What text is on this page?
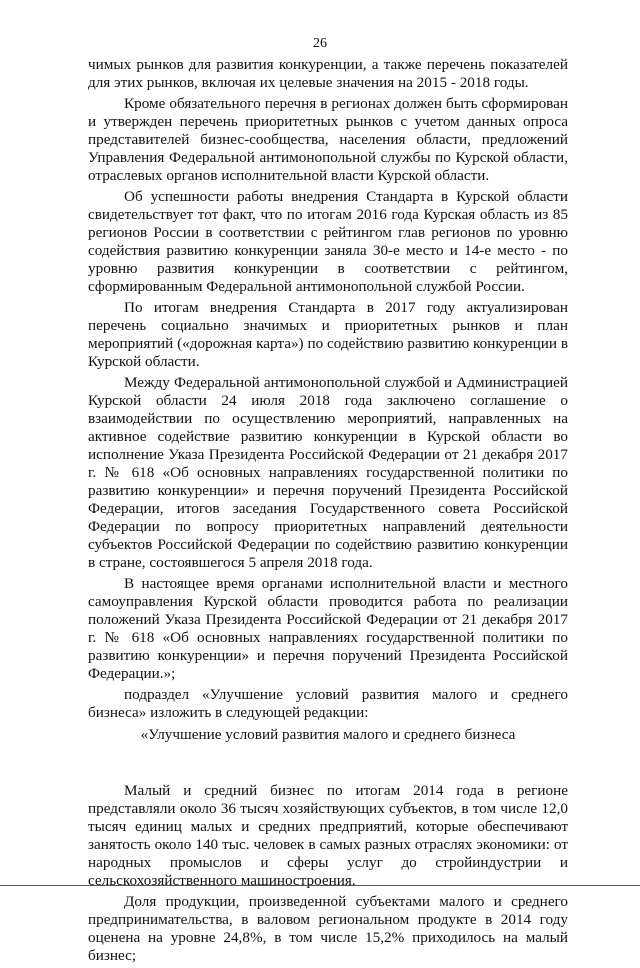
26

чимых рынков для развития конкуренции, а также перечень показателей для этих рынков, включая их целевые значения на 2015 - 2018 годы.

Кроме обязательного перечня в регионах должен быть сформирован и утвержден перечень приоритетных рынков с учетом данных опроса представителей бизнес-сообщества, населения области, предложений Управления Федеральной антимонопольной службы по Курской области, отраслевых органов исполнительной власти Курской области.

Об успешности работы внедрения Стандарта в Курской области свидетельствует тот факт, что по итогам 2016 года Курская область из 85 регионов России в соответствии с рейтингом глав регионов по уровню содействия развитию конкуренции заняла 30-е место и 14-е место - по уровню развития конкуренции в соответствии с рейтингом, сформированным Федеральной антимонопольной службой России.

По итогам внедрения Стандарта в 2017 году актуализирован перечень социально значимых и приоритетных рынков и план мероприятий («дорожная карта») по содействию развитию конкуренции в Курской области.

Между Федеральной антимонопольной службой и Администрацией Курской области 24 июля 2018 года заключено соглашение о взаимодействии по осуществлению мероприятий, направленных на активное содействие развитию конкуренции в Курской области во исполнение Указа Президента Российской Федерации от 21 декабря 2017 г. № 618 «Об основных направлениях государственной политики по развитию конкуренции» и перечня поручений Президента Российской Федерации, итогов заседания Государственного совета Российской Федерации по вопросу приоритетных направлений деятельности субъектов Российской Федерации по содействию развитию конкуренции в стране, состоявшегося 5 апреля 2018 года.

В настоящее время органами исполнительной власти и местного самоуправления Курской области проводится работа по реализации положений Указа Президента Российской Федерации от 21 декабря 2017 г. № 618 «Об основных направлениях государственной политики по развитию конкуренции» и перечня поручений Президента Российской Федерации.»;

подраздел «Улучшение условий развития малого и среднего бизнеса» изложить в следующей редакции:

«Улучшение условий развития малого и среднего бизнеса

Малый и средний бизнес по итогам 2014 года в регионе представляли около 36 тысяч хозяйствующих субъектов, в том числе 12,0 тысяч единиц малых и средних предприятий, которые обеспечивают занятость около 140 тыс. человек в самых разных отраслях экономики: от народных промыслов и сферы услуг до стройиндустрии и сельскохозяйственного машиностроения.

Доля продукции, произведенной субъектами малого и среднего предпринимательства, в валовом региональном продукте в 2014 году оценена на уровне 24,8%, в том числе 15,2% приходилось на малый бизнес;
